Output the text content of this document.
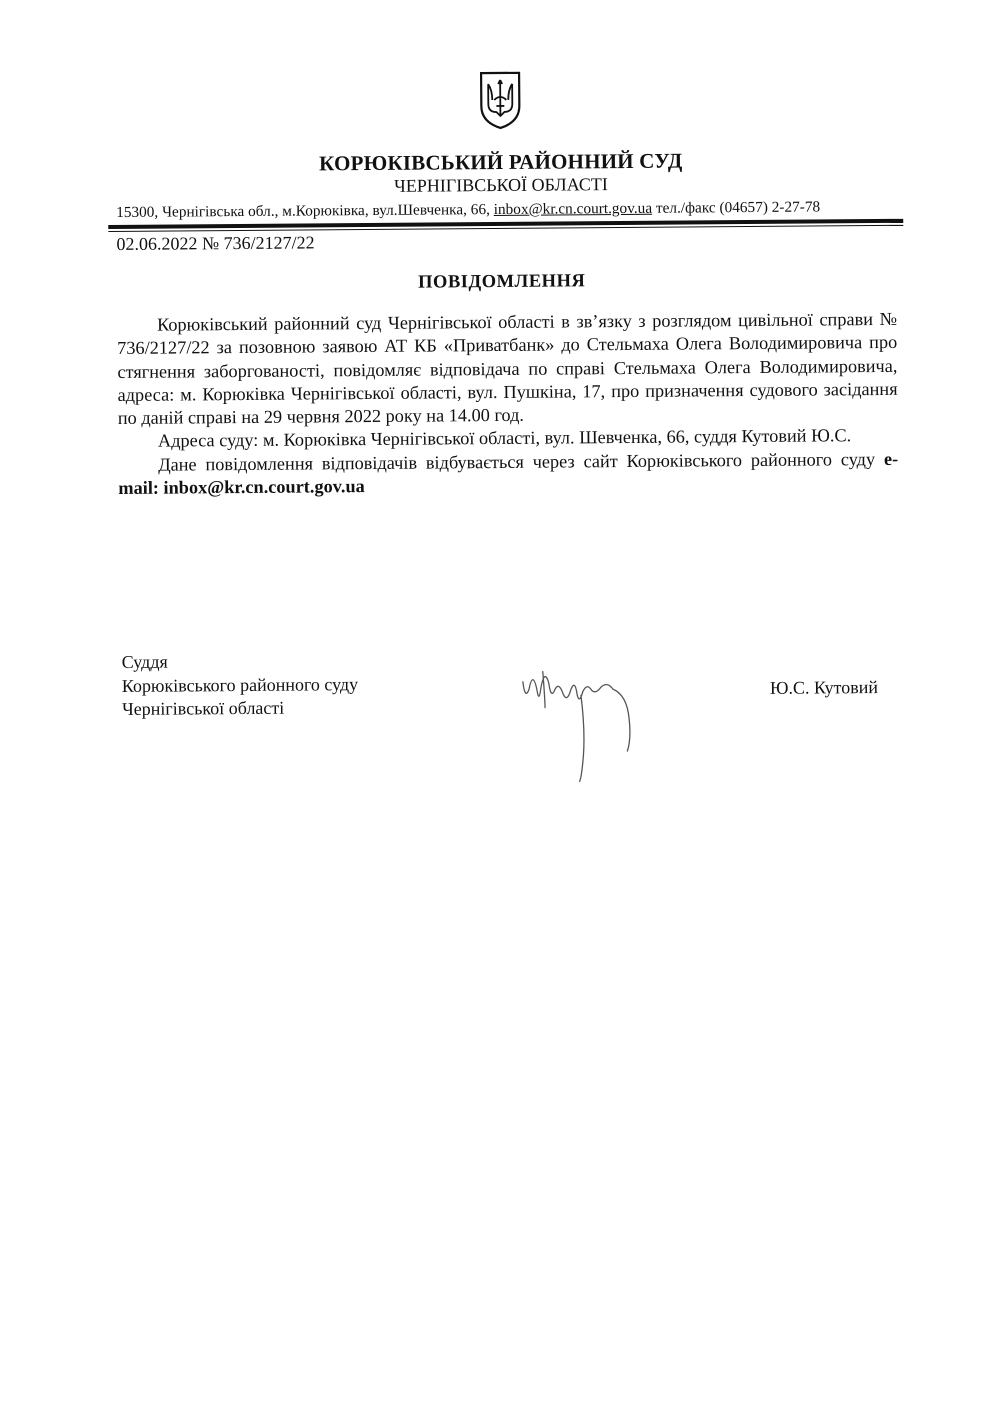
КОРЮКІВСЬКИЙ РАЙОННИЙ СУД
ЧЕРНІГІВСЬКОЇ ОБЛАСТІ
15300, Чернігівська обл., м.Корюківка, вул.Шевченка, 66, inbox@kr.cn.court.gov.ua тел./факс (04657) 2-27-78
02.06.2022 № 736/2127/22
ПОВІДОМЛЕННЯ

Корюківський районний суд Чернігівської області в зв’язку з розглядом цивільної справи № 736/2127/22 за позовною заявою АТ КБ «Приватбанк» до Стельмаха Олега Володимировича про стягнення заборгованості, повідомляє відповідача по справі Стельмаха Олега Володимировича, адреса: м. Корюківка Чернігівської області, вул. Пушкіна, 17, про призначення судового засідання по даній справі на 29 червня 2022 року на 14.00 год.

Адреса суду: м. Корюківка Чернігівської області, вул. Шевченка, 66, суддя Кутовий Ю.С.

Дане повідомлення відповідачів відбувається через сайт Корюківського районного суду e-mail: inbox@kr.cn.court.gov.ua

Суддя
Корюківського районного суду
Чернігівської області
Ю.С. Кутовий
